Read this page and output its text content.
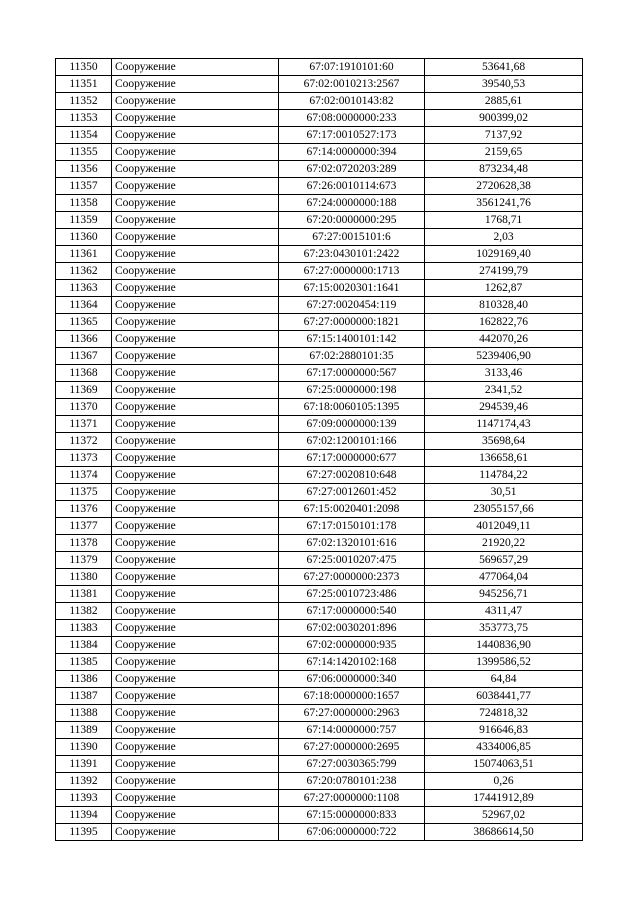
11350	Сооружение	67:07:1910101:60	53641,68
11351	Сооружение	67:02:0010213:2567	39540,53
11352	Сооружение	67:02:0010143:82	2885,61
11353	Сооружение	67:08:0000000:233	900399,02
11354	Сооружение	67:17:0010527:173	7137,92
11355	Сооружение	67:14:0000000:394	2159,65
11356	Сооружение	67:02:0720203:289	873234,48
11357	Сооружение	67:26:0010114:673	2720628,38
11358	Сооружение	67:24:0000000:188	3561241,76
11359	Сооружение	67:20:0000000:295	1768,71
11360	Сооружение	67:27:0015101:6	2,03
11361	Сооружение	67:23:0430101:2422	1029169,40
11362	Сооружение	67:27:0000000:1713	274199,79
11363	Сооружение	67:15:0020301:1641	1262,87
11364	Сооружение	67:27:0020454:119	810328,40
11365	Сооружение	67:27:0000000:1821	162822,76
11366	Сооружение	67:15:1400101:142	442070,26
11367	Сооружение	67:02:2880101:35	5239406,90
11368	Сооружение	67:17:0000000:567	3133,46
11369	Сооружение	67:25:0000000:198	2341,52
11370	Сооружение	67:18:0060105:1395	294539,46
11371	Сооружение	67:09:0000000:139	1147174,43
11372	Сооружение	67:02:1200101:166	35698,64
11373	Сооружение	67:17:0000000:677	136658,61
11374	Сооружение	67:27:0020810:648	114784,22
11375	Сооружение	67:27:0012601:452	30,51
11376	Сооружение	67:15:0020401:2098	23055157,66
11377	Сооружение	67:17:0150101:178	4012049,11
11378	Сооружение	67:02:1320101:616	21920,22
11379	Сооружение	67:25:0010207:475	569657,29
11380	Сооружение	67:27:0000000:2373	477064,04
11381	Сооружение	67:25:0010723:486	945256,71
11382	Сооружение	67:17:0000000:540	4311,47
11383	Сооружение	67:02:0030201:896	353773,75
11384	Сооружение	67:02:0000000:935	1440836,90
11385	Сооружение	67:14:1420102:168	1399586,52
11386	Сооружение	67:06:0000000:340	64,84
11387	Сооружение	67:18:0000000:1657	6038441,77
11388	Сооружение	67:27:0000000:2963	724818,32
11389	Сооружение	67:14:0000000:757	916646,83
11390	Сооружение	67:27:0000000:2695	4334006,85
11391	Сооружение	67:27:0030365:799	15074063,51
11392	Сооружение	67:20:0780101:238	0,26
11393	Сооружение	67:27:0000000:1108	17441912,89
11394	Сооружение	67:15:0000000:833	52967,02
11395	Сооружение	67:06:0000000:722	38686614,50
